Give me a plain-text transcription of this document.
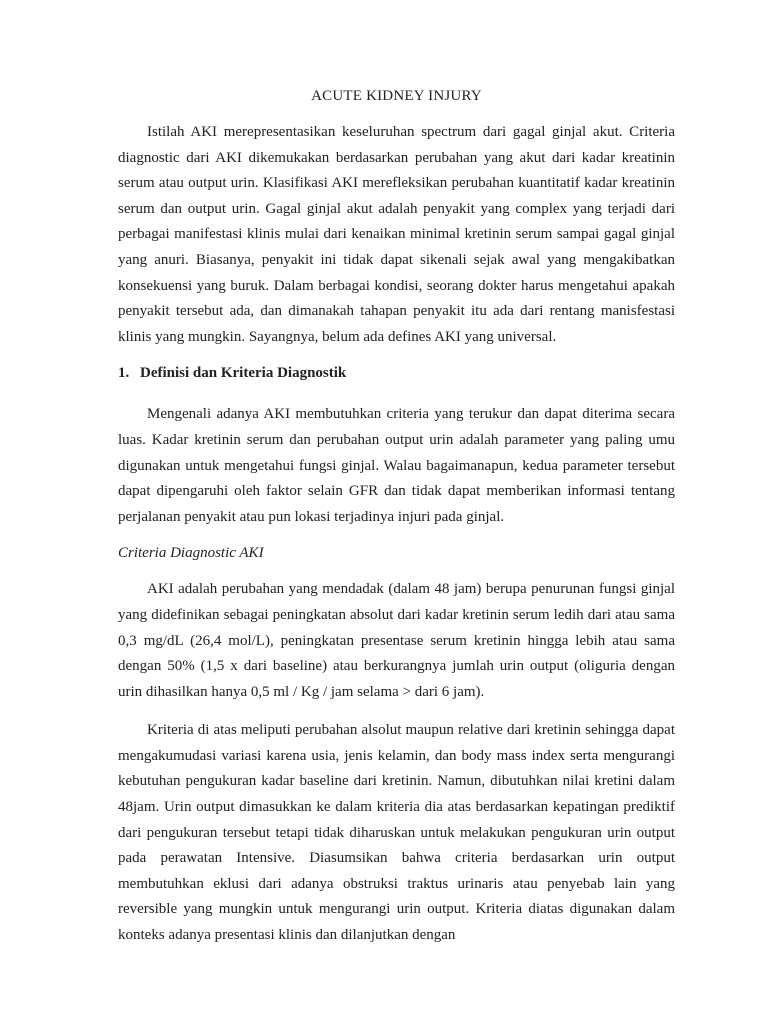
ACUTE KIDNEY INJURY

Istilah AKI merepresentasikan keseluruhan spectrum dari gagal ginjal akut. Criteria diagnostic dari AKI dikemukakan berdasarkan perubahan yang akut dari kadar kreatinin serum atau output urin. Klasifikasi AKI merefleksikan perubahan kuantitatif kadar kreatinin serum dan output urin. Gagal ginjal akut adalah penyakit yang complex yang terjadi dari perbagai manifestasi klinis mulai dari kenaikan minimal kretinin serum sampai gagal ginjal yang anuri. Biasanya, penyakit ini tidak dapat sikenali sejak awal yang mengakibatkan konsekuensi yang buruk. Dalam berbagai kondisi, seorang dokter harus mengetahui apakah penyakit tersebut ada, dan dimanakah tahapan penyakit itu ada dari rentang manisfestasi klinis yang mungkin. Sayangnya, belum ada defines AKI yang universal.

1. Definisi dan Kriteria Diagnostik

Mengenali adanya AKI membutuhkan criteria yang terukur dan dapat diterima secara luas. Kadar kretinin serum dan perubahan output urin adalah parameter yang paling umu digunakan untuk mengetahui fungsi ginjal. Walau bagaimanapun, kedua parameter tersebut dapat dipengaruhi oleh faktor selain GFR dan tidak dapat memberikan informasi tentang perjalanan penyakit atau pun lokasi terjadinya injuri pada ginjal.

Criteria Diagnostic AKI

AKI adalah perubahan yang mendadak (dalam 48 jam) berupa penurunan fungsi ginjal yang didefinikan sebagai peningkatan absolut dari kadar kretinin serum ledih dari atau sama 0,3 mg/dL (26,4 mol/L), peningkatan presentase serum kretinin hingga lebih atau sama dengan 50% (1,5 x dari baseline) atau berkurangnya jumlah urin output (oliguria dengan urin dihasilkan hanya 0,5 ml / Kg / jam selama > dari 6 jam).

Kriteria di atas meliputi perubahan alsolut maupun relative dari kretinin sehingga dapat mengakumudasi variasi karena usia, jenis kelamin, dan body mass index serta mengurangi kebutuhan pengukuran kadar baseline dari kretinin. Namun, dibutuhkan nilai kretini dalam 48jam. Urin output dimasukkan ke dalam kriteria dia atas berdasarkan kepatingan prediktif dari pengukuran tersebut tetapi tidak diharuskan untuk melakukan pengukuran urin output pada perawatan Intensive. Diasumsikan bahwa criteria berdasarkan urin output membutuhkan eklusi dari adanya obstruksi traktus urinaris atau penyebab lain yang reversible yang mungkin untuk mengurangi urin output. Kriteria diatas digunakan dalam konteks adanya presentasi klinis dan dilanjutkan dengan
